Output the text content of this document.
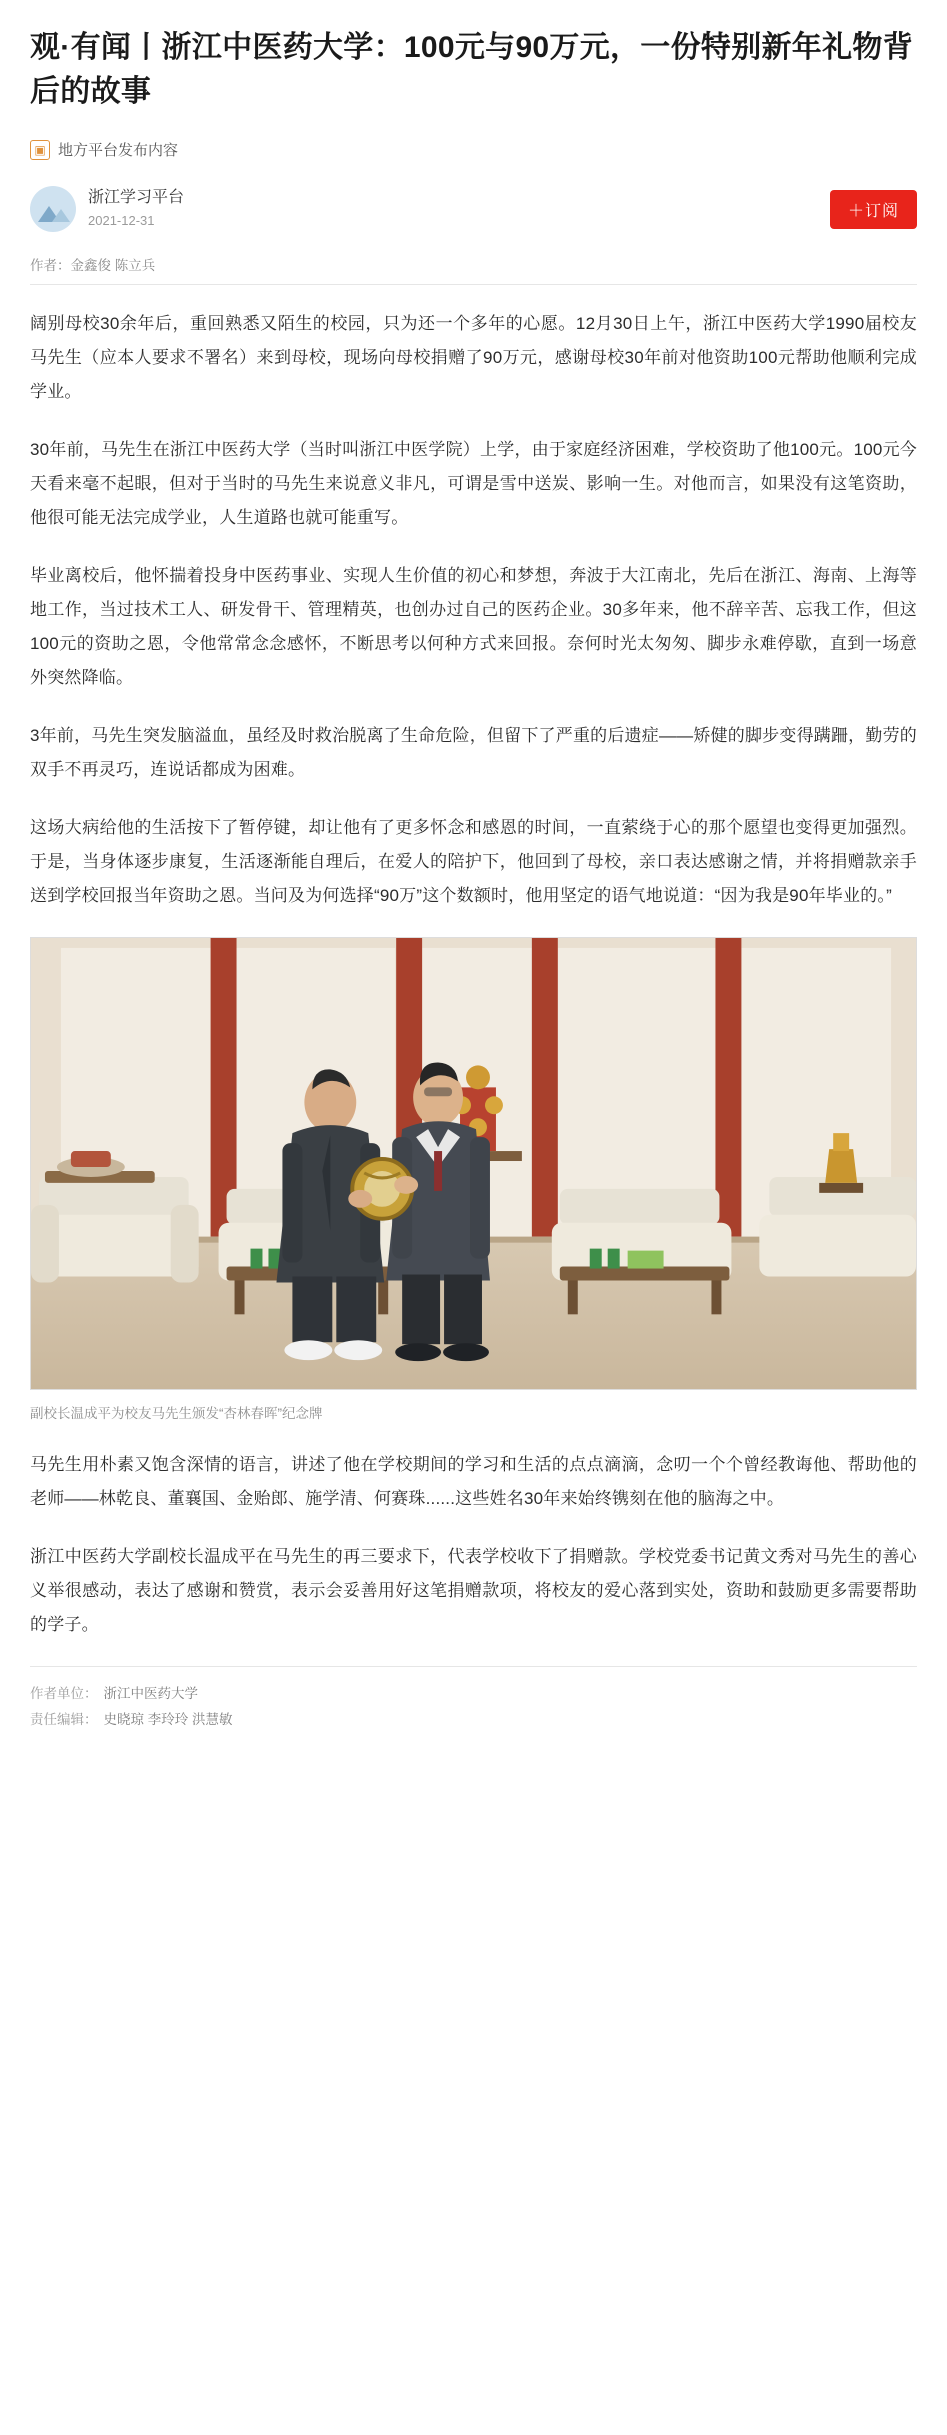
观·有闻丨浙江中医药大学：100元与90万元，一份特别新年礼物背后的故事
▣ 地方平台发布内容
浙江学习平台
2021-12-31
＋订阅
作者：金鑫俊 陈立兵

阔别母校30余年后，重回熟悉又陌生的校园，只为还一个多年的心愿。12月30日上午，浙江中医药大学1990届校友马先生（应本人要求不署名）来到母校，现场向母校捐赠了90万元，感谢母校30年前对他资助100元帮助他顺利完成学业。

30年前，马先生在浙江中医药大学（当时叫浙江中医学院）上学，由于家庭经济困难，学校资助了他100元。100元今天看来毫不起眼，但对于当时的马先生来说意义非凡，可谓是雪中送炭、影响一生。对他而言，如果没有这笔资助，他很可能无法完成学业，人生道路也就可能重写。

毕业离校后，他怀揣着投身中医药事业、实现人生价值的初心和梦想，奔波于大江南北，先后在浙江、海南、上海等地工作，当过技术工人、研发骨干、管理精英，也创办过自己的医药企业。30多年来，他不辞辛苦、忘我工作，但这100元的资助之恩，令他常常念念感怀，不断思考以何种方式来回报。奈何时光太匆匆、脚步永难停歇，直到一场意外突然降临。

3年前，马先生突发脑溢血，虽经及时救治脱离了生命危险，但留下了严重的后遗症——矫健的脚步变得蹒跚，勤劳的双手不再灵巧，连说话都成为困难。

这场大病给他的生活按下了暂停键，却让他有了更多怀念和感恩的时间，一直萦绕于心的那个愿望也变得更加强烈。于是，当身体逐步康复，生活逐渐能自理后，在爱人的陪护下，他回到了母校，亲口表达感谢之情，并将捐赠款亲手送到学校回报当年资助之恩。当问及为何选择“90万”这个数额时，他用坚定的语气地说道：“因为我是90年毕业的。”

副校长温成平为校友马先生颁发“杏林春晖”纪念牌

马先生用朴素又饱含深情的语言，讲述了他在学校期间的学习和生活的点点滴滴，念叨一个个曾经教诲他、帮助他的老师——林乾良、董襄国、金贻郎、施学清、何赛珠......这些姓名30年来始终镌刻在他的脑海之中。

浙江中医药大学副校长温成平在马先生的再三要求下，代表学校收下了捐赠款。学校党委书记黄文秀对马先生的善心义举很感动，表达了感谢和赞赏，表示会妥善用好这笔捐赠款项，将校友的爱心落到实处，资助和鼓励更多需要帮助的学子。

作者单位： 浙江中医药大学
责任编辑： 史晓琼 李玲玲 洪慧敏
